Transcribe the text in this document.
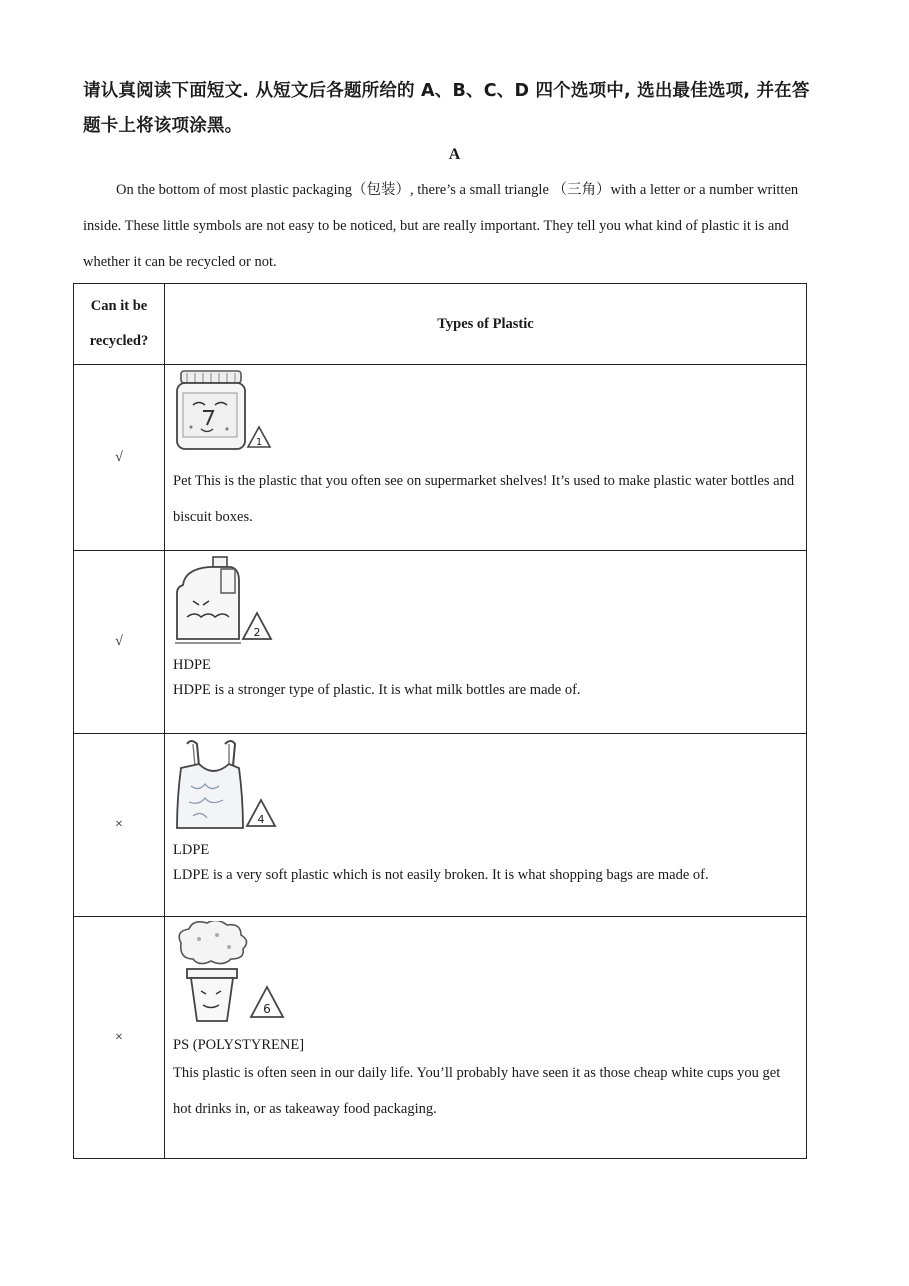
请认真阅读下面短文. 从短文后各题所给的 A、B、C、D 四个选项中, 选出最佳选项, 并在答题卡上将该项涂黑。

A

On the bottom of most plastic packaging（包装）, there’s a small triangle （三角）with a letter or a number written inside. These little symbols are not easy to be noticed, but are really important. They tell you what kind of plastic it is and whether it can be recycled or not.

Can it be recycled?	Types of Plastic
√	1

Pet This is the plastic that you often see on supermarket shelves! It’s used to make plastic water bottles and biscuit boxes.

√	2

HDPE

HDPE is a stronger type of plastic. It is what milk bottles are made of.

×	4

LDPE

LDPE is a very soft plastic which is not easily broken. It is what shopping bags are made of.

×	6

PS (POLYSTYRENE]

This plastic is often seen in our daily life. You’ll probably have seen it as those cheap white cups you get hot drinks in, or as takeaway food packaging.
